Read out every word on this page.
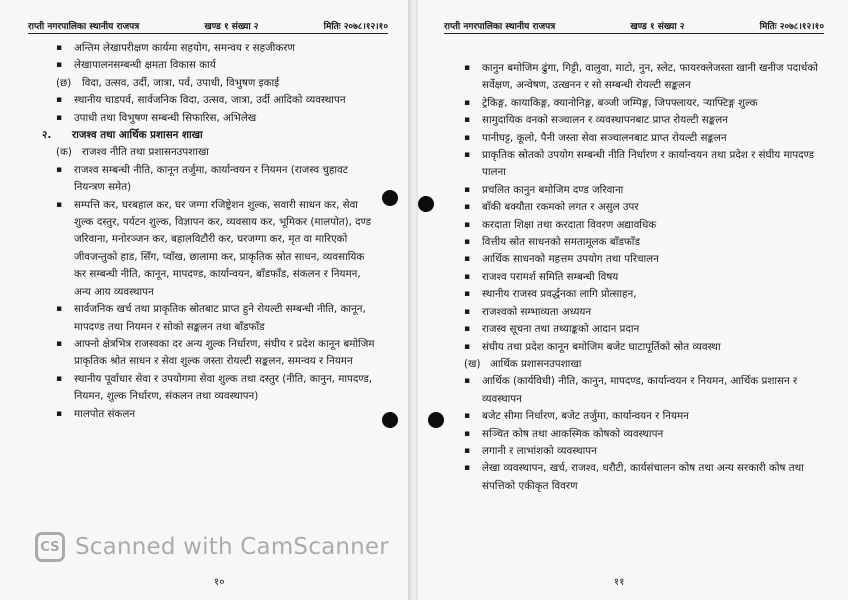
राप्ती नगरपालिका स्थानीय राजपत्र	खण्ड १ संख्या २	मितिः २०७८।१२।१०
▪ अन्तिम लेखापरीक्षण कार्यमा सहयोग, समन्वय र सहजीकरण
▪ लेखापालनसम्बन्धी क्षमता विकास कार्य
(छ) विदा, उत्सव, उर्दी, जात्रा, पर्व, उपाधी, विभुषण इकाई
▪ स्थानीय चाडपर्व, सार्वजनिक विदा, उत्सव, जात्रा, उर्दी आदिको व्यवस्थापन
▪ उपाधी तथा विभुषण सम्बन्धी सिफारिस, अभिलेख
२. राजश्व तथा आर्थिक प्रशासन शाखा
(क) राजश्व नीति तथा प्रशासनउपशाखा
▪ राजश्व सम्बन्धी नीति, कानून तर्जुमा, कार्यान्वयन र नियमन (राजस्व चुहावट नियन्त्रण समेत)
▪ सम्पत्ति कर, घरबहाल कर, घर जग्गा रजिष्ट्रेशन शुल्क, सवारी साधन कर, सेवा शुल्क दस्तुर, पर्यटन शुल्क, विज्ञापन कर, व्यवसाय कर, भूमिकर (मालपोत), दण्ड जरिवाना, मनोरञ्जन कर, बहालविटौरी कर, घरजग्गा कर, मृत वा मारिएको जीवजन्तुको हाड, सिँग, प्वाँख, छालामा कर, प्राकृतिक स्रोत साधन, व्यवसायिक कर सम्बन्धी नीति, कानून, मापदण्ड, कार्यान्वयन, बाँडफाँड, संकलन र नियमन, अन्य आय व्यवस्थापन
▪ सार्वजनिक खर्च तथा प्राकृतिक स्रोतबाट प्राप्त हुने रोयल्टी सम्बन्धी नीति, कानून, मापदण्ड तथा नियमन र सोको सङ्कलन तथा बाँडफाँड
▪ आफ्नो क्षेत्रभित्र राजस्वका दर अन्य शुल्क निर्धारण, संघीय र प्रदेश कानून बमोजिम प्राकृतिक श्रोत साधन र सेवा शुल्क जस्ता रोयल्टी सङ्कलन, समन्वय र नियमन
▪ स्थानीय पूर्वाधार सेवा र उपयोगमा सेवा शुल्क तथा दस्तुर (नीति, कानुन, मापदण्ड, नियमन, शुल्क निर्धारण, संकलन तथा व्यवस्थापन)
▪ मालपोत संकलन
१०
राप्ती नगरपालिका स्थानीय राजपत्र	खण्ड १ संख्या २	मितिः २०७८।१२।१०
▪ कानुन बमोजिम ढुंगा, गिट्टी, वालुवा, माटो, नुन, स्लेट, फायरक्लेजस्ता खानी खनीज पदार्थको सर्वेक्षण, अन्वेषण, उत्खनन र सो सम्बन्धी रोयल्टी सङ्कलन
▪ ट्रेकिङ्ग, कायाकिङ्ग, क्यानोनिङ्ग, बञ्जी जम्पिङ्ग, जिपफ्लायर, ऱ्याफ्टिङ्ग शुल्क
▪ सामुदायिक वनको सञ्चालन र व्यवस्थापनबाट प्राप्त रोयल्टी सङ्कलन
▪ पानीघट्ट, कूलो, पैनी जस्ता सेवा सञ्चालनबाट प्राप्त रोयल्टी सङ्कलन
▪ प्राकृतिक स्रोतको उपयोग सम्बन्धी नीति निर्धारण र कार्यान्वयन तथा प्रदेश र संघीय मापदण्ड पालना
▪ प्रचलित कानुन बमोजिम दण्ड जरिवाना
▪ बाँकी बक्यौता रकमको लगत र असुल उपर
▪ करदाता शिक्षा तथा करदाता विवरण अद्यावधिक
▪ वित्तीय स्रोत साधनको समतामूलक बाँडफाँड
▪ आर्थिक साधनको महत्तम उपयोग तथा परिचालन
▪ राजश्व परामर्श समिति सम्बन्धी विषय
▪ स्थानीय राजस्व प्रवर्द्धनका लागि प्रोत्साहन,
▪ राजश्वको सम्भाव्यता अध्ययन
▪ राजस्व सूचना तथा तथ्याङ्कको आदान प्रदान
▪ संघीय तथा प्रदेश कानून बमोजिम बजेट घाटापूर्तिको स्रोत व्यवस्था
(ख) आर्थिक प्रशासनउपशाखा
▪ आर्थिक (कार्यविधी) नीति, कानुन, मापदण्ड, कार्यान्वयन र नियमन, आर्थिक प्रशासन र व्यवस्थापन
▪ बजेट सीमा निर्धारण, बजेट तर्जुमा, कार्यान्वयन र नियमन
▪ सञ्चित कोष तथा आकस्मिक कोषको व्यवस्थापन
▪ लगानी र लाभांशको व्यवस्थापन
▪ लेखा व्यवस्थापन, खर्च, राजश्व, धरौटी, कार्यसंचालन कोष तथा अन्य सरकारी कोष तथा संपत्तिको एकीकृत विवरण
११
CS Scanned with CamScanner
